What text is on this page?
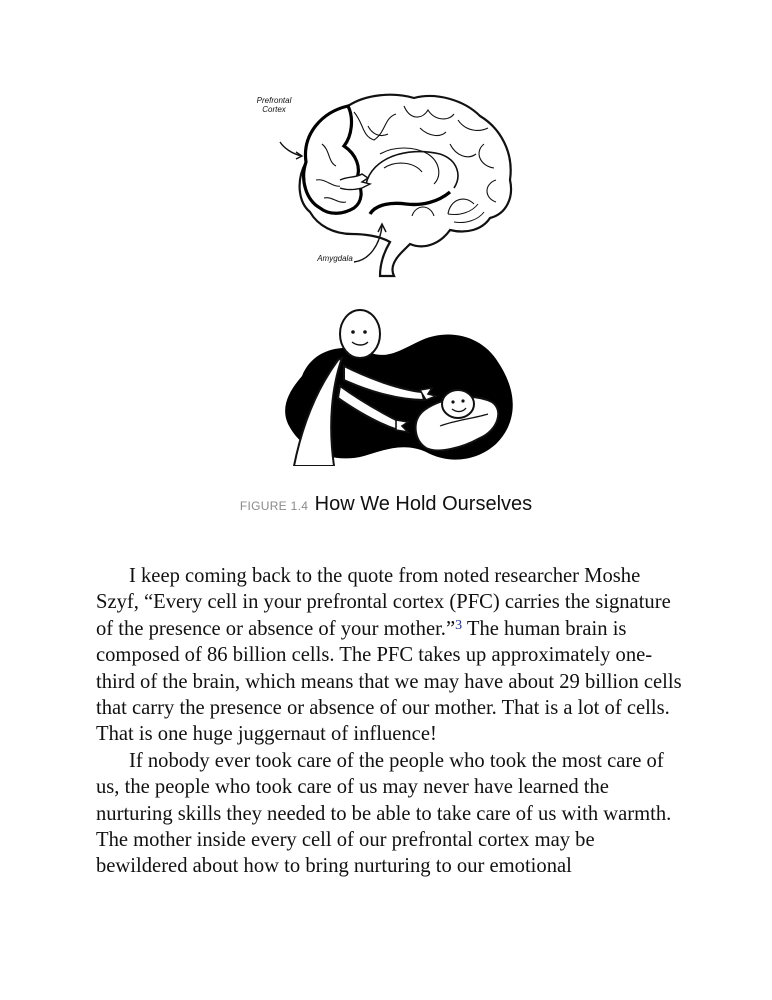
Prefrontal
Cortex
Amygdala
FIGURE 1.4 How We Hold Ourselves

I keep coming back to the quote from noted researcher Moshe Szyf, “Every cell in your prefrontal cortex (PFC) carries the signature of the presence or absence of your mother.”$^3$ The human brain is composed of 86 billion cells. The PFC takes up approximately one-third of the brain, which means that we may have about 29 billion cells that carry the presence or absence of our mother. That is a lot of cells. That is one huge juggernaut of influence!

If nobody ever took care of the people who took the most care of us, the people who took care of us may never have learned the nurturing skills they needed to be able to take care of us with warmth. The mother inside every cell of our prefrontal cortex may be bewildered about how to bring nurturing to our emotional
